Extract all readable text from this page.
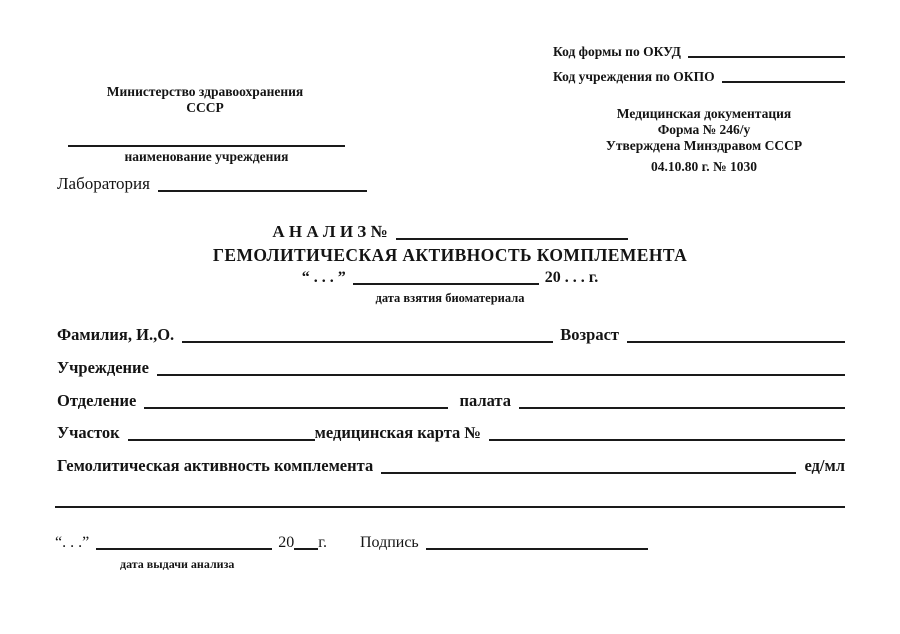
Код формы по ОКУД
Код учреждения по ОКПО
Министерство здравоохранения
СССР
наименование учреждения
Медицинская документация
Форма № 246/у
Утверждена Минздравом СССР
04.10.80 г. № 1030
Лаборатория
А Н А Л И З №
ГЕМОЛИТИЧЕСКАЯ АКТИВНОСТЬ КОМПЛЕМЕНТА
“ . . . ”	20 . . . г.
дата взятия биоматериала
Фамилия, И.,О.	Возраст
Учреждение
Отделение	палата
Участок	медицинская карта №
Гемолитическая активность комплемента	ед/мл
“. . .”	20 г. Подпись
дата выдачи анализа
